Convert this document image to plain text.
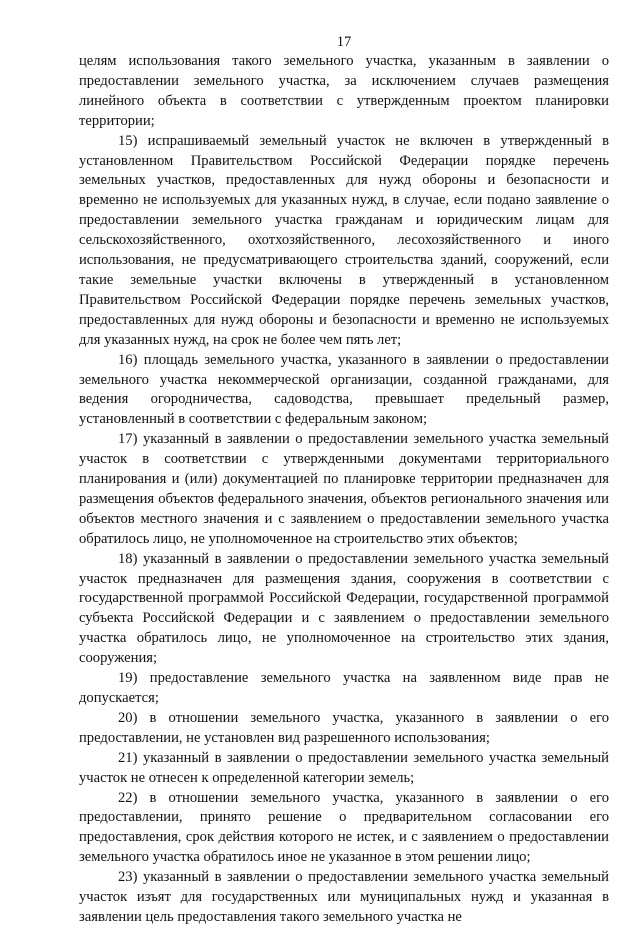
17

целям использования такого земельного участка, указанным в заявлении о предоставлении земельного участка, за исключением случаев размещения линейного объекта в соответствии с утвержденным проектом планировки территории;

15) испрашиваемый земельный участок не включен в утвержденный в установленном Правительством Российской Федерации порядке перечень земельных участков, предоставленных для нужд обороны и безопасности и временно не используемых для указанных нужд, в случае, если подано заявление о предоставлении земельного участка гражданам и юридическим лицам для сельскохозяйственного, охотхозяйственного, лесохозяйственного и иного использования, не предусматривающего строительства зданий, сооружений, если такие земельные участки включены в утвержденный в установленном Правительством Российской Федерации порядке перечень земельных участков, предоставленных для нужд обороны и безопасности и временно не используемых для указанных нужд, на срок не более чем пять лет;

16) площадь земельного участка, указанного в заявлении о предоставлении земельного участка некоммерческой организации, созданной гражданами, для ведения огородничества, садоводства, превышает предельный размер, установленный в соответствии с федеральным законом;

17) указанный в заявлении о предоставлении земельного участка земельный участок в соответствии с утвержденными документами территориального планирования и (или) документацией по планировке территории предназначен для размещения объектов федерального значения, объектов регионального значения или объектов местного значения и с заявлением о предоставлении земельного участка обратилось лицо, не уполномоченное на строительство этих объектов;

18) указанный в заявлении о предоставлении земельного участка земельный участок предназначен для размещения здания, сооружения в соответствии с государственной программой Российской Федерации, государственной программой субъекта Российской Федерации и с заявлением о предоставлении земельного участка обратилось лицо, не уполномоченное на строительство этих здания, сооружения;

19) предоставление земельного участка на заявленном виде прав не допускается;

20) в отношении земельного участка, указанного в заявлении о его предоставлении, не установлен вид разрешенного использования;

21) указанный в заявлении о предоставлении земельного участка земельный участок не отнесен к определенной категории земель;

22) в отношении земельного участка, указанного в заявлении о его предоставлении, принято решение о предварительном согласовании его предоставления, срок действия которого не истек, и с заявлением о предоставлении земельного участка обратилось иное не указанное в этом решении лицо;

23) указанный в заявлении о предоставлении земельного участка земельный участок изъят для государственных или муниципальных нужд и указанная в заявлении цель предоставления такого земельного участка не
